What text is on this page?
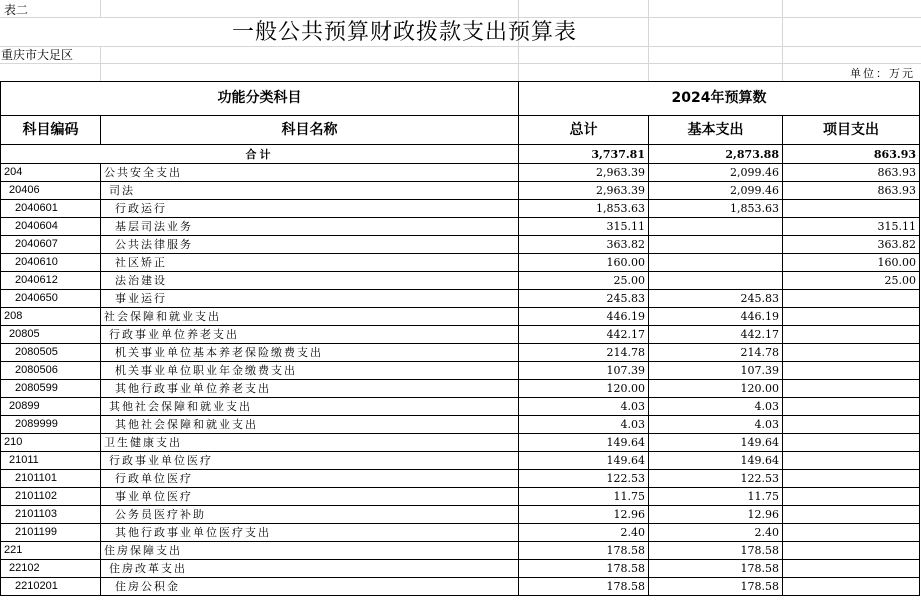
表二
一般公共预算财政拨款支出预算表
重庆市大足区
单位：万元
功能分类科目		2024年预算数		
科目编码	科目名称	总计	基本支出	项目支出
合计		3,737.81	2,873.88	863.93
204	公共安全支出	2,963.39	2,099.46	863.93
20406	司法	2,963.39	2,099.46	863.93
2040601	行政运行	1,853.63	1,853.63	
2040604	基层司法业务	315.11		315.11
2040607	公共法律服务	363.82		363.82
2040610	社区矫正	160.00		160.00
2040612	法治建设	25.00		25.00
2040650	事业运行	245.83	245.83	
208	社会保障和就业支出	446.19	446.19	
20805	行政事业单位养老支出	442.17	442.17	
2080505	机关事业单位基本养老保险缴费支出	214.78	214.78	
2080506	机关事业单位职业年金缴费支出	107.39	107.39	
2080599	其他行政事业单位养老支出	120.00	120.00	
20899	其他社会保障和就业支出	4.03	4.03	
2089999	其他社会保障和就业支出	4.03	4.03	
210	卫生健康支出	149.64	149.64	
21011	行政事业单位医疗	149.64	149.64	
2101101	行政单位医疗	122.53	122.53	
2101102	事业单位医疗	11.75	11.75	
2101103	公务员医疗补助	12.96	12.96	
2101199	其他行政事业单位医疗支出	2.40	2.40	
221	住房保障支出	178.58	178.58	
22102	住房改革支出	178.58	178.58	
2210201	住房公积金	178.58	178.58	
